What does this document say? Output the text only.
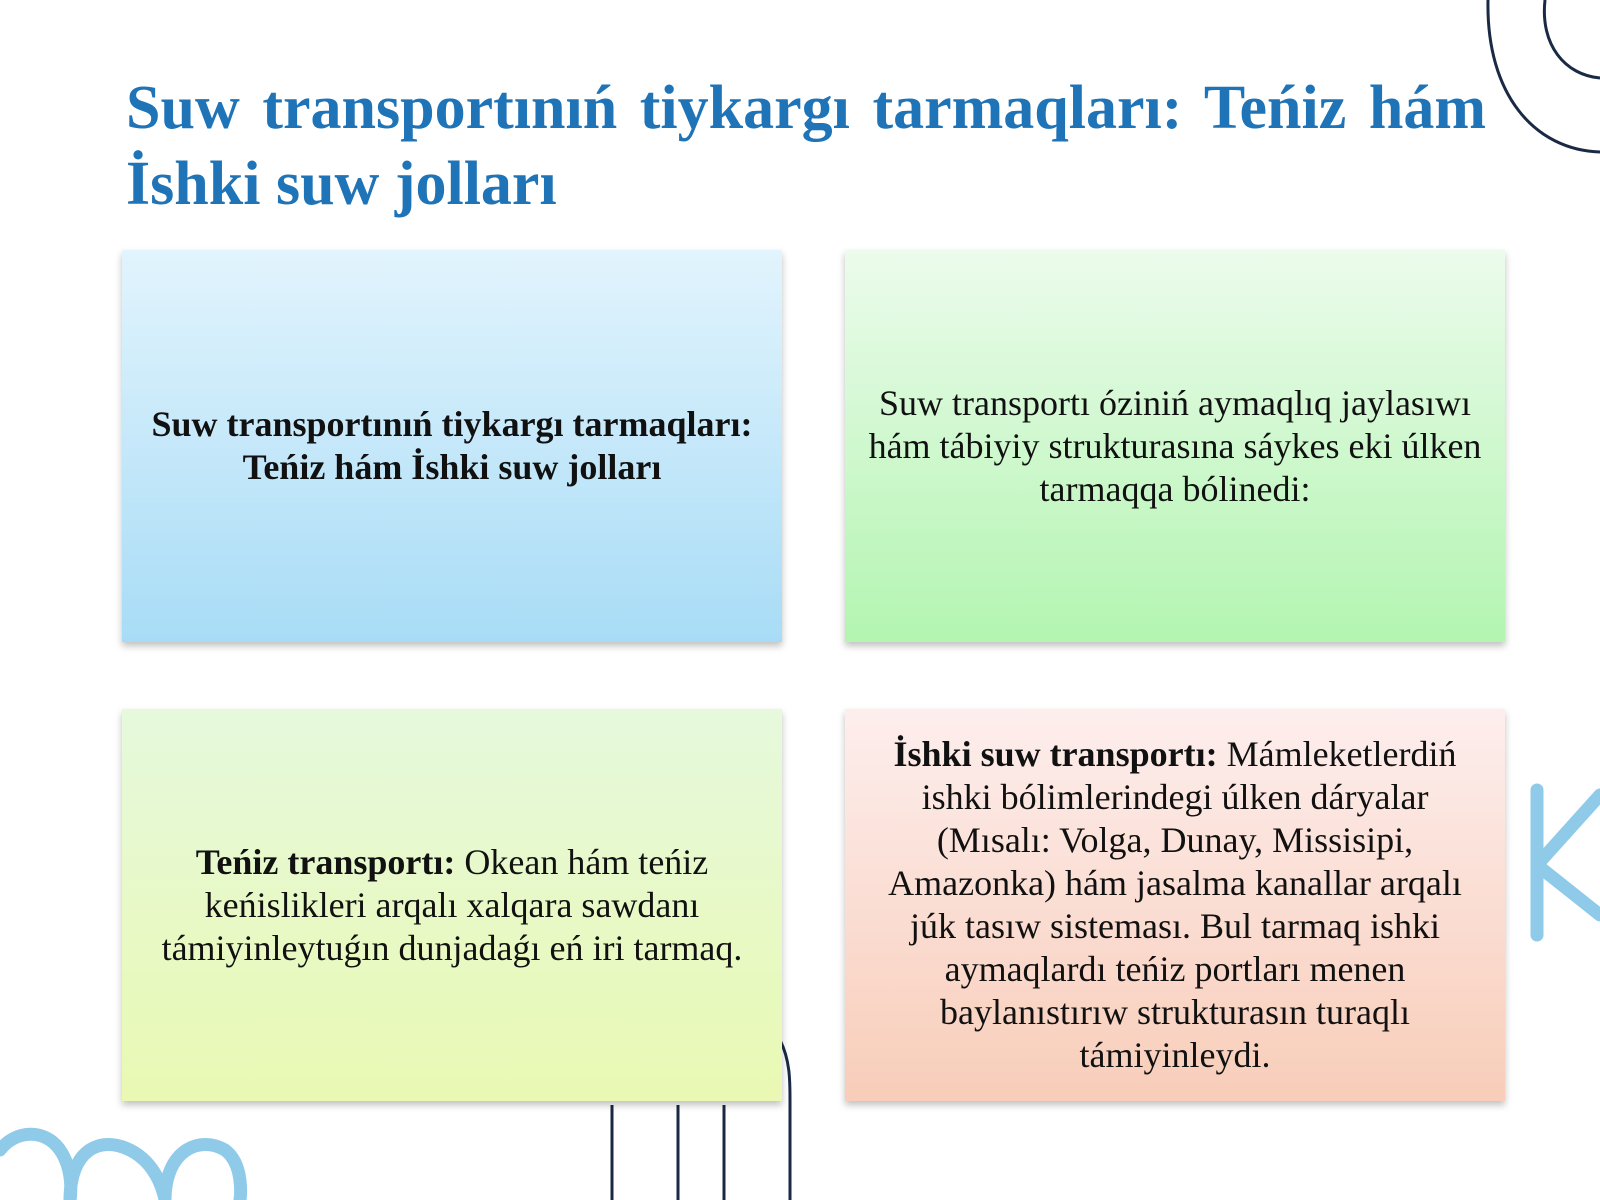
Suw transportınıń tiykargı tarmaqları: Teńiz hám İshki suw jolları

Suw transportınıń tiykargı tarmaqları: Teńiz hám İshki suw jolları

Suw transportı óziniń aymaqlıq jaylasıwı hám tábiyiy strukturasına sáykes eki úlken tarmaqqa bólinedi:

Teńiz transportı: Okean hám teńiz keńislikleri arqalı xalqara sawdanı támiyinleytuǵın dunjadaǵı eń iri tarmaq.

İshki suw transportı: Mámleketlerdiń ishki bólimlerindegi úlken dáryalar (Mısalı: Volga, Dunay, Missisipi, Amazonka) hám jasalma kanallar arqalı júk tasıw sisteması. Bul tarmaq ishki aymaqlardı teńiz portları menen baylanıstırıw strukturasın turaqlı támiyinleydi.
